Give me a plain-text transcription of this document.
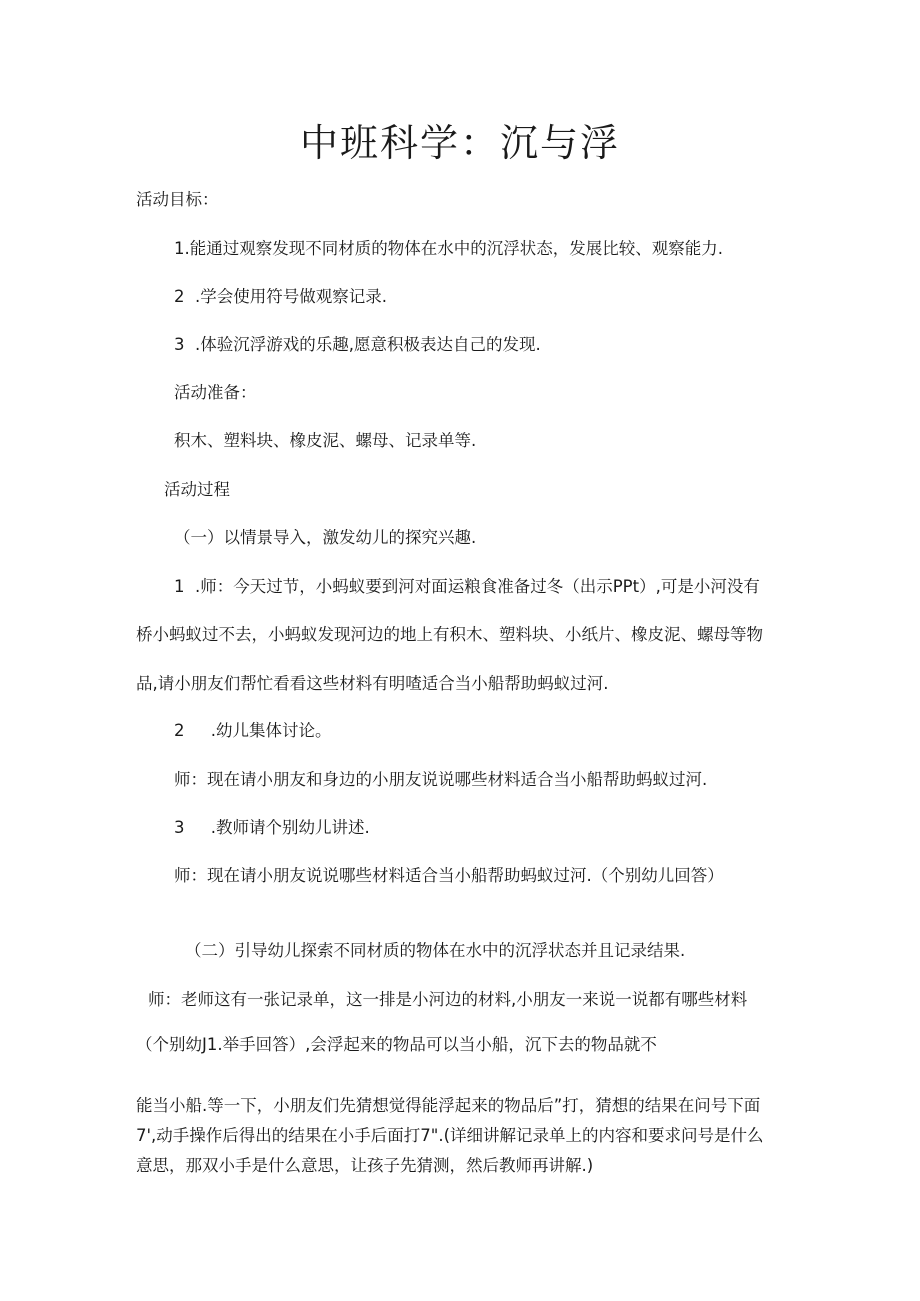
中班科学：沉与浮

活动目标：

1.能通过观察发现不同材质的物体在水中的沉浮状态，发展比较、观察能力.

2  .学会使用符号做观察记录.

3  .体验沉浮游戏的乐趣,愿意积极表达自己的发现.

活动准备：

积木、塑料块、橡皮泥、螺母、记录单等.

活动过程

（一）以情景导入，激发幼儿的探究兴趣.

1  .师：今天过节，小蚂蚁要到河对面运粮食准备过冬（出示PPt）,可是小河没有

桥小蚂蚁过不去，小蚂蚁发现河边的地上有积木、塑料块、小纸片、橡皮泥、螺母等物

品,请小朋友们帮忙看看这些材料有明喳适合当小船帮助蚂蚁过河.

2     .幼儿集体讨论。

师：现在请小朋友和身边的小朋友说说哪些材料适合当小船帮助蚂蚁过河.

3     .教师请个别幼儿讲述.

师：现在请小朋友说说哪些材料适合当小船帮助蚂蚁过河.（个别幼儿回答）

（二）引导幼儿探索不同材质的物体在水中的沉浮状态并且记录结果.

师：老师这有一张记录单，这一排是小河边的材料,小朋友一来说一说都有哪些材料

（个别幼J1.举手回答）,会浮起来的物品可以当小船，沉下去的物品就不

能当小船.等一下，小朋友们先猜想觉得能浮起来的物品后”打，猜想的结果在问号下面

7',动手操作后得出的结果在小手后面打7".(详细讲解记录单上的内容和要求问号是什么

意思，那双小手是什么意思，让孩子先猜测，然后教师再讲解.)
